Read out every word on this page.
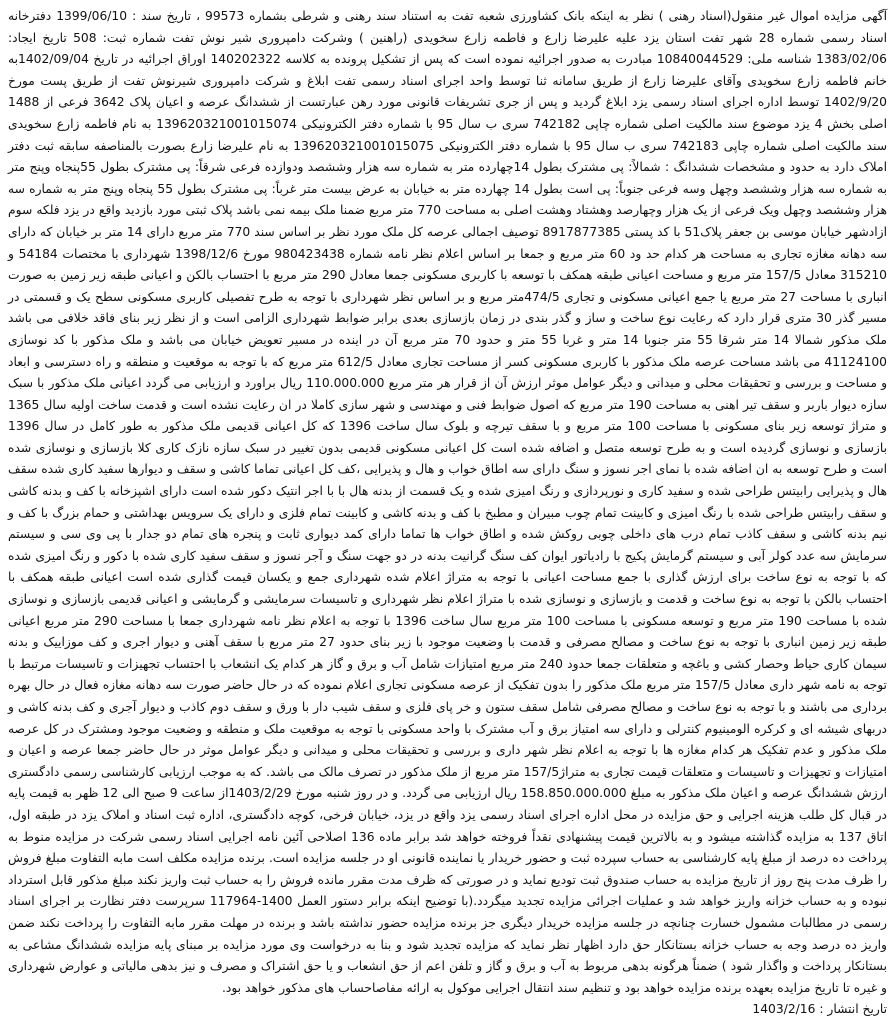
آگهی مزایده اموال غیر منقول(اسناد رهنی ) نظر به اینکه بانک کشاورزی شعبه تفت به استناد سند رهنی و شرطی بشماره 99573 ، تاریخ سند : 1399/06/10 دفترخانه اسناد رسمی شماره 28 شهر تفت استان یزد علیه علیرضا زارع و فاطمه زارع سخویدی (راهنین ) وشرکت دامپروری شیر نوش تفت شماره ثبت: 508 تاریخ ایجاد: 1383/02/06 شناسه ملی: 10840044529 مبادرت به صدور اجرائیه نموده است که پس از تشکیل پرونده به کلاسه 140202322 اوراق اجرائیه در تاریخ 1402/09/04به خانم فاطمه زارع سخویدی وآقای علیرضا زارع از طریق سامانه ثنا توسط واحد اجرای اسناد رسمی تفت ابلاغ و شرکت دامپروری شیرنوش تفت از طریق پست مورخ 1402/9/20 توسط اداره اجرای اسناد رسمی یزد ابلاغ گردید و پس از جری تشریفات قانونی مورد رهن عبارتست از ششدانگ عرصه و اعیان پلاک 3642 فرعی از 1488 اصلی بخش 4 یزد موضوع سند مالکیت اصلی شماره چاپی 742182 سری ب سال 95 با شماره دفتر الکترونیکی 139620321001015074 به نام فاطمه زارع سخویدی سند مالکیت اصلی شماره چاپی 742183 سری ب سال 95 با شماره دفتر الکترونیکی 139620321001015075 به نام علیرضا زارع بصورت بالمناصفه سابقه ثبت دفتر املاک دارد به حدود و مشخصات ششدانگ : شمالاً: پی مشترک بطول 14چهارده متر به شماره سه هزار وششصد ودوازده فرعی شرقاً: پی مشترک بطول 55پنجاه وپنج متر به شماره سه هزار وششصد وچهل وسه فرعی جنوباً: پی است بطول 14 چهارده متر به خیابان به عرض بیست متر غرباً: پی مشترک بطول 55 پنجاه وپنج متر به شماره سه هزار وششصد وچهل ویک فرعی از یک هزار وچهارصد وهشتاد وهشت اصلی به مساحت 770 متر مربع ضمنا ملک بیمه نمی باشد پلاک ثبتی مورد بازدید واقع در یزد فلکه سوم ازادشهر خیابان موسی بن جعفر پلاک51 با کد پستی 8917877385 توصیف اجمالی عرصه کل ملک مورد نظر بر اساس سند 770 متر مربع دارای 14 متر بر خیابان که دارای سه دهانه مغازه تجاری به مساحت هر کدام حد ود 60 متر مربع و جمعا بر اساس اعلام نظر نامه شماره 980423438 مورخ 1398/12/6 شهرداری با مختصات 54184 و 315210 معادل 157/5 متر مربع و مساحت اعیانی طبقه همکف با توسعه با کاربری مسکونی جمعا معادل 290 متر مربع با احتساب بالکن و اعیانی طبقه زیر زمین به صورت انباری با مساحت 27 متر مربع یا جمع اعیانی مسکونی و تجاری 474/5متر مربع و بر اساس نظر شهرداری با توجه به طرح تفصیلی کاربری مسکونی سطح یک و قسمتی در مسیر گذر 30 متری قرار دارد که رعایت نوع ساخت و ساز و گذر بندی در زمان بازسازی بعدی برابر ضوابط شهرداری الزامی است و از نظر زیر بنای فاقد خلافی می باشد ملک مذکور شمالا 14 متر شرقا 55 متر جنوبا 14 متر و غربا 55 متر و حدود 70 متر مربع آن در اینده در مسیر تعویض خیابان می باشد و ملک مذکور با کد نوسازی 41124100 می باشد مساحت عرصه ملک مذکور با کاربری مسکونی کسر از مساحت تجاری معادل 612/5 متر مربع که با توجه به موقعیت و منطقه و راه دسترسی و ابعاد و مساحت و بررسی و تحقیقات محلی و میدانی و دیگر عوامل موثر ارزش آن از قرار هر متر مربع 110.000.000 ریال براورد و ارزیابی می گردد اعیانی ملک مذکور با سبک سازه دیوار باربر و سقف تیر اهنی به مساحت 190 متر مربع که اصول ضوابط فنی و مهندسی و شهر سازی کاملا در ان رعایت نشده است و قدمت ساخت اولیه سال 1365 و متراژ توسعه زیر بنای مسکونی با مساحت 100 متر مربع و با سقف تیرچه و بلوک سال ساخت 1396 که کل اعیانی قدیمی ملک مذکور به طور کامل در سال 1396 بازسازی و نوسازی گردیده است و به طرح توسعه متصل و اضافه شده است کل اعیانی مسکونی قدیمی بدون تغییر در سبک سازه نازک کاری کلا بازسازی و نوسازی شده است و طرح توسعه به ان اضافه شده با نمای اجر نسوز و سنگ دارای سه اطاق خواب و هال و پذیرایی ،کف کل اعیانی تماما کاشی و سقف و دیوارها سفید کاری شده سقف هال و پذیرایی رابیتس طراحی شده و سفید کاری و نورپردازی و رنگ امیزی شده و یک قسمت از بدنه هال با با اجر انتیک دکور شده است دارای اشپزخانه با کف و بدنه کاشی و سقف رابیتس طراحی شده با رنگ امیزی و کابینت تمام چوب مبیران و مطبخ با کف و بدنه کاشی و کابینت تمام فلزی و دارای یک سرویس بهداشتی و حمام بزرگ با کف و نیم بدنه کاشی و سقف کاذب تمام درب های داخلی چوبی روکش شده و اطاق خواب ها تماما دارای کمد دیواری ثابت و پنجره های تمام دو جدار با پی وی سی و سیستم سرمایش سه عدد کولر آبی و سیستم گرمایش پکیج با رادیاتور ایوان کف سنگ گرانیت بدنه در دو جهت سنگ و آجر نسوز و سقف سفید کاری شده با دکور و رنگ امیزی شده که با توجه به نوع ساخت برای ارزش گذاری با جمع مساحت اعیانی با توجه به متراژ اعلام شده شهرداری جمع و یکسان قیمت گذاری شده است اعیانی طبقه همکف با احتساب بالکن با توجه به نوع ساخت و قدمت و بازسازی و نوسازی شده با متراژ اعلام نظر شهرداری و تاسیسات سرمایشی و گرمایشی و اعیانی قدیمی بازسازی و نوسازی شده با مساحت 190 متر مربع و توسعه مسکونی با مساحت 100 متر مربع سال ساخت 1396 با توجه به اعلام نظر نامه شهرداری جمعا با مساحت 290 متر مربع اعیانی طبقه زیر زمین انباری با توجه به نوع ساخت و مصالح مصرفی و قدمت با وضعیت موجود با زیر بنای حدود 27 متر مربع با سقف آهنی و دیوار اجری و کف موزاییک و بدنه سیمان کاری حیاط وحصار کشی و باغچه و متعلقات جمعا حدود 240 متر مربع امتیازات شامل آب و برق و گاز هر کدام یک انشعاب با احتساب تجهیزات و تاسیسات مرتبط با توجه به نامه شهر داری معادل 157/5 متر مربع ملک مذکور را بدون تفکیک از عرصه مسکونی تجاری اعلام نموده که در حال حاضر صورت سه دهانه مغازه فعال در حال بهره برداری می باشند و با توجه به نوع ساخت و مصالح مصرفی شامل سقف ستون و خر پای فلزی و سقف شیب دار با ورق و سقف دوم کاذب و دیوار آجری و کف بدنه کاشی و دربهای شیشه ای و کرکره الومینیوم کنترلی و دارای سه امتیاز برق و آب مشترک با واحد مسکونی با توجه به موقعیت ملک و منطقه و وضعیت موجود ومشترک در کل عرصه ملک مذکور و عدم تفکیک هر کدام مغازه ها با توجه به اعلام نظر شهر داری و بررسی و تحقیقات محلی و میدانی و دیگر عوامل موثر در حال حاضر جمعا عرصه و اعیان و امتیازات و تجهیزات و تاسیسات و متعلقات قیمت تجاری به متراژ157/5 متر مربع از ملک مذکور در تصرف مالک می باشد. که به موجب ارزیابی کارشناسی رسمی دادگستری ارزش ششدانگ عرصه و اعیان ملک مذکور به مبلغ 158.850.000.000 ریال ارزیابی می گردد. و در روز شنبه مورخ 1403/2/29از ساعت 9 صبح الی 12 ظهر به قیمت پایه در قبال کل طلب هزینه اجرایی و حق مزایده در محل اداره اجرای اسناد رسمی یزد واقع در یزد، خیابان فرخی، کوچه دادگستری، اداره ثبت اسناد و املاک یزد در طبقه اول، اتاق 137 به مزایده گذاشته میشود و به بالاترین قیمت پیشنهادی نقداً فروخته خواهد شد برابر ماده 136 اصلاحی آئین نامه اجرایی اسناد رسمی شرکت در مزایده منوط به پرداخت ده درصد از مبلغ پایه کارشناسی به حساب سپرده ثبت و حضور خریدار یا نماینده قانونی او در جلسه مزایده است. برنده مزایده مکلف است مابه التفاوت مبلغ فروش را ظرف مدت پنج روز از تاریخ مزایده به حساب صندوق ثبت تودیع نماید و در صورتی که ظرف مدت مقرر مانده فروش را به حساب ثبت واریز نکند مبلغ مذکور قابل استرداد نبوده و به حساب خزانه واریز خواهد شد و عملیات اجرائی مزایده تجدید میگردد.(با توضیح اینکه برابر دستور العمل 1400-117964 سرپرست دفتر نظارت بر اجرای اسناد رسمی در مطالبات مشمول خسارت چنانچه در جلسه مزایده خریدار دیگری جز برنده مزایده حضور نداشته باشد و برنده در مهلت مقرر مابه التفاوت را پرداخت نکند ضمن واریز ده درصد وجه به حساب خزانه بستانکار حق دارد اظهار نظر نماید که مزایده تجدید شود و بنا به درخواست وی مورد مزایده بر مبنای پایه مزایده ششدانگ مشاعی به بستانکار پرداخت و واگذار شود ) ضمناً هرگونه بدهی مربوط به آب و برق و گاز و تلفن اعم از حق انشعاب و یا حق اشتراک و مصرف و نیز بدهی مالیاتی و عوارض شهرداری و غیره تا تاریخ مزایده بعهده برنده مزایده خواهد بود و تنظیم سند انتقال اجرایی موکول به ارائه مفاصاحساب های مذکور خواهد بود.

تاریخ انتشار : 1403/2/16
